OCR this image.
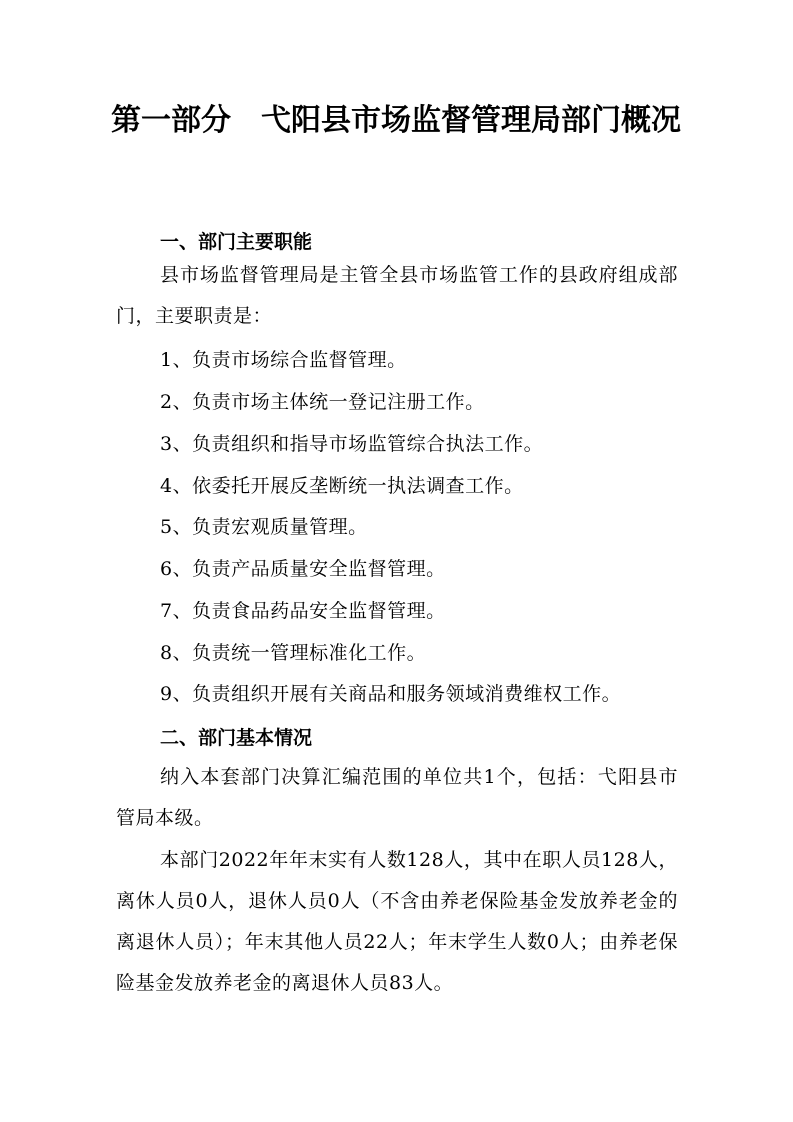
第一部分　弋阳县市场监督管理局部门概况
一、部门主要职能

县市场监督管理局是主管全县市场监管工作的县政府组成部门，主要职责是：

1、负责市场综合监督管理。

2、负责市场主体统一登记注册工作。

3、负责组织和指导市场监管综合执法工作。

4、依委托开展反垄断统一执法调查工作。

5、负责宏观质量管理。

6、负责产品质量安全监督管理。

7、负责食品药品安全监督管理。

8、负责统一管理标准化工作。

9、负责组织开展有关商品和服务领域消费维权工作。

二、部门基本情况

纳入本套部门决算汇编范围的单位共1个，包括：弋阳县市管局本级。

本部门2022年年末实有人数128人，其中在职人员128人，离休人员0人，退休人员0人（不含由养老保险基金发放养老金的离退休人员）；年末其他人员22人；年末学生人数0人；由养老保险基金发放养老金的离退休人员83人。
